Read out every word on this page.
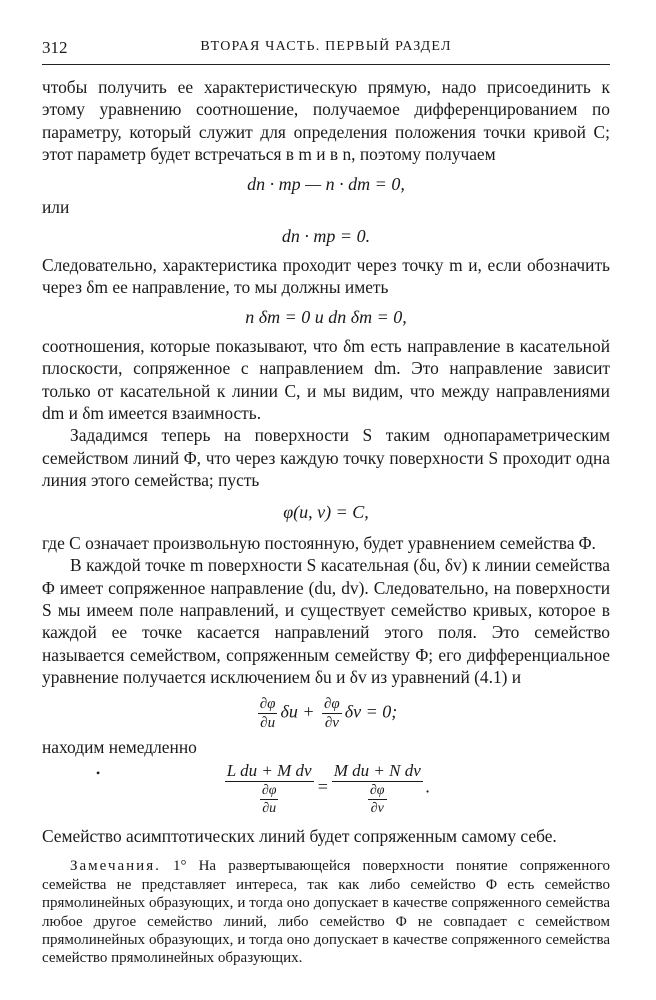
312	ВТОРАЯ ЧАСТЬ. ПЕРВЫЙ РАЗДЕЛ

чтобы получить ее характеристическую прямую, надо присоединить к этому уравнению соотношение, получаемое дифференцированием по параметру, который служит для определения положения точки кривой C; этот параметр будет встречаться в m и в n, поэтому получаем

dn · mp — n · dm = 0,

или

dn · mp = 0.

Следовательно, характеристика проходит через точку m и, если обозначить через δm ее направление, то мы должны иметь

n δm = 0 и dn δm = 0,

соотношения, которые показывают, что δm есть направление в касательной плоскости, сопряженное с направлением dm. Это направление зависит только от касательной к линии C, и мы видим, что между направлениями dm и δm имеется взаимность.

Зададимся теперь на поверхности S таким однопараметрическим семейством линий Φ, что через каждую точку поверхности S проходит одна линия этого семейства; пусть

φ(u, v) = C,

где C означает произвольную постоянную, будет уравнением семейства Φ.

В каждой точке m поверхности S касательная (δu, δv) к линии семейства Φ имеет сопряженное направление (du, dv). Следовательно, на поверхности S мы имеем поле направлений, и существует семейство кривых, которое в каждой ее точке касается направлений этого поля. Это семейство называется семейством, сопряженным семейству Φ; его дифференциальное уравнение получается исключением δu и δv из уравнений (4.1) и

$\frac{\partial\varphi}{\partial u}$ $\delta u + \frac{\partial\varphi}{\partial v}$ δv = 0;

находим немедленно

$\frac{\text{L du + M dv}}{\frac{\partial\varphi}{\partial u}} = \frac{\text{M du + N dv}}{\frac{\partial\varphi}{\partial v}}$ .

Семейство асимптотических линий будет сопряженным самому себе.

Замечания. 1° На развертывающейся поверхности понятие сопряженного семейства не представляет интереса, так как либо семейство Φ есть семейство прямолинейных образующих, и тогда оно допускает в качестве сопряженного семейства любое другое семейство линий, либо семейство Φ не совпадает с семейством прямолинейных образующих, и тогда оно допускает в качестве сопряженного семейства семейство прямолинейных образующих.

•
